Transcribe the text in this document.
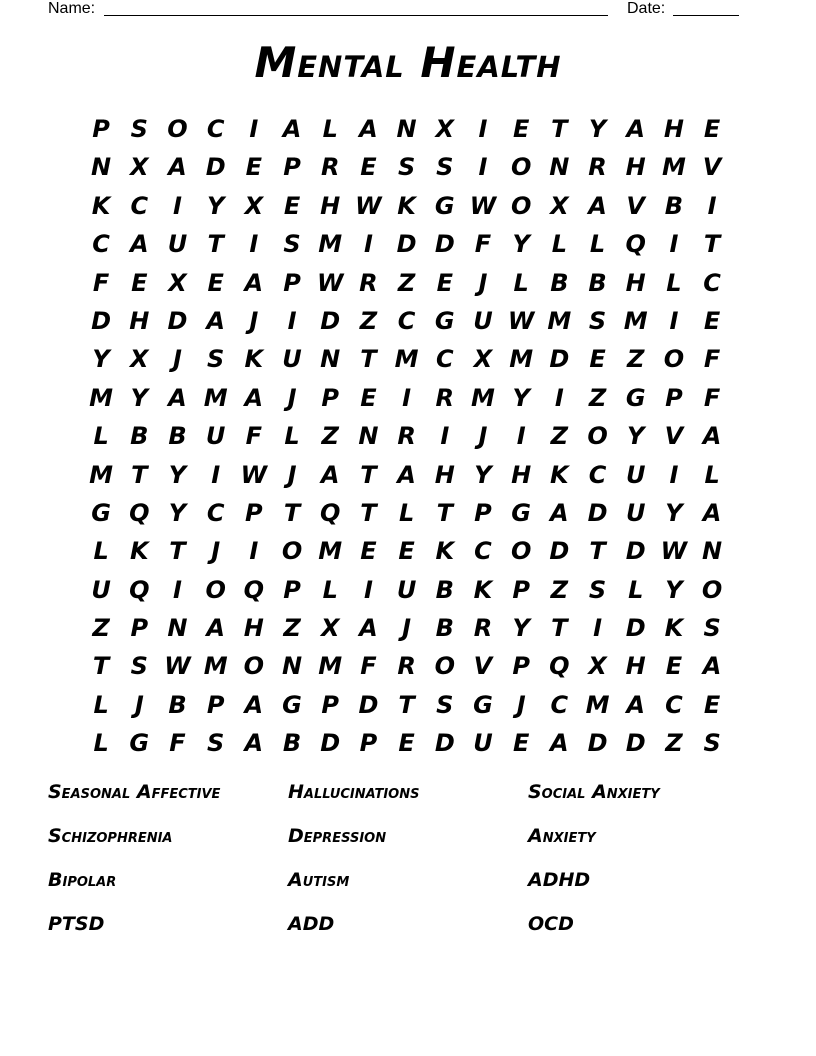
Name:	Date:
Mental Health
P S O C	I	A L A N X	I	E T Y A H E
N X A D E P R E S S	I O N R H M V
K C	I	Y X E H W K G W O X A V B	I
C A U T	I	S M I D D F Y L L Q I	T
F E X E A P W R Z E	J	L B B H L C
D H D A	J	I D Z C G U W M S M I	E
Y X	J	S K U N T M C X M D E Z O F
M Y A M A	J	P E	I	R M Y	I	Z G P F
L B B U F L Z N R	I	J	I	Z O Y V A
M T Y	I W J	A T A H Y H K C U I	L
G Q Y C P T Q T L T P G A D U Y A
L K T	J	I O M E E K C O D T D W N
U Q I O Q P L	I U B K P Z S L Y O
Z P N A H Z X A	J	B R Y T	I D K S
T S W M O N M F R O V P Q X H E A
L	J	B P A G P D T S G J	C M A C E
L G F S A B D P E D U E A D D Z S
Seasonal Affective	Hallucinations	Social Anxiety
Schizophrenia	Depression	Anxiety
Bipolar	Autism	ADHD
PTSD	ADD	OCD
